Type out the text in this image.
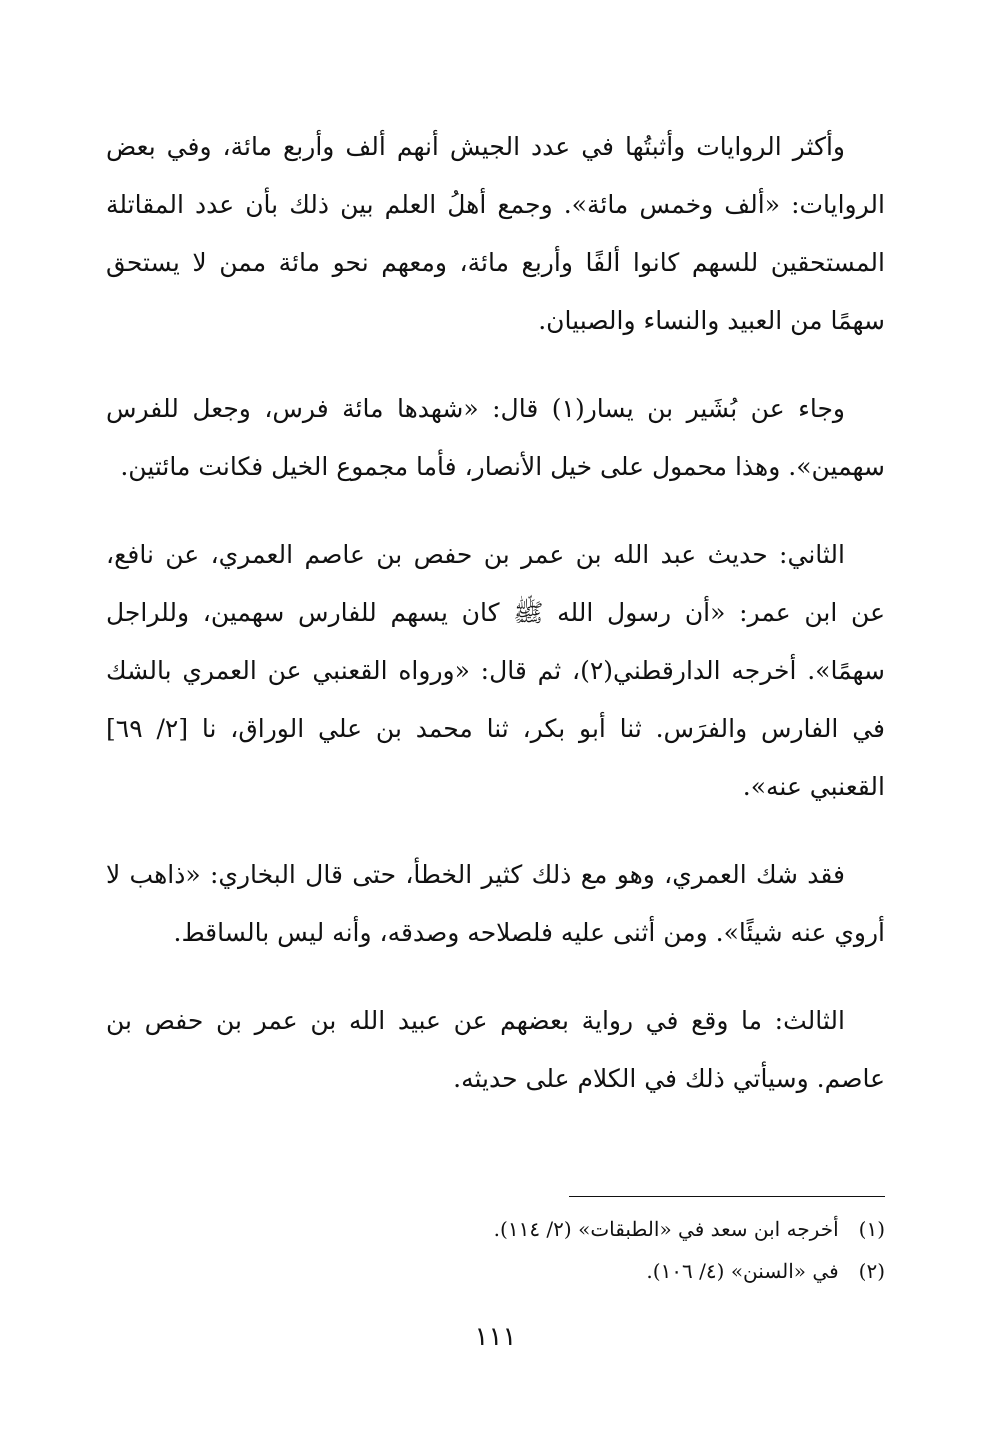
وأكثر الروايات وأثبتُها في عدد الجيش أنهم ألف وأربع مائة، وفي بعض الروايات: «ألف وخمس مائة». وجمع أهلُ العلم بين ذلك بأن عدد المقاتلة المستحقين للسهم كانوا ألفًا وأربع مائة، ومعهم نحو مائة ممن لا يستحق سهمًا من العبيد والنساء والصبيان.

وجاء عن بُشَير بن يسار(١) قال: «شهدها مائة فرس، وجعل للفرس سهمين». وهذا محمول على خيل الأنصار، فأما مجموع الخيل فكانت مائتين.

الثاني: حديث عبد الله بن عمر بن حفص بن عاصم العمري، عن نافع، عن ابن عمر: «أن رسول الله ﷺ كان يسهم للفارس سهمين، وللراجل سهمًا». أخرجه الدارقطني(٢)، ثم قال: «ورواه القعنبي عن العمري بالشك في الفارس والفرَس. ثنا أبو بكر، ثنا محمد بن علي الوراق، نا [٢/ ٦٩] القعنبي عنه».

فقد شك العمري، وهو مع ذلك كثير الخطأ، حتى قال البخاري: «ذاهب لا أروي عنه شيئًا». ومن أثنى عليه فلصلاحه وصدقه، وأنه ليس بالساقط.

الثالث: ما وقع في رواية بعضهم عن عبيد الله بن عمر بن حفص بن عاصم. وسيأتي ذلك في الكلام على حديثه.

(١) أخرجه ابن سعد في «الطبقات» (٢/ ١١٤).
(٢) في «السنن» (٤/ ١٠٦).
١١١
